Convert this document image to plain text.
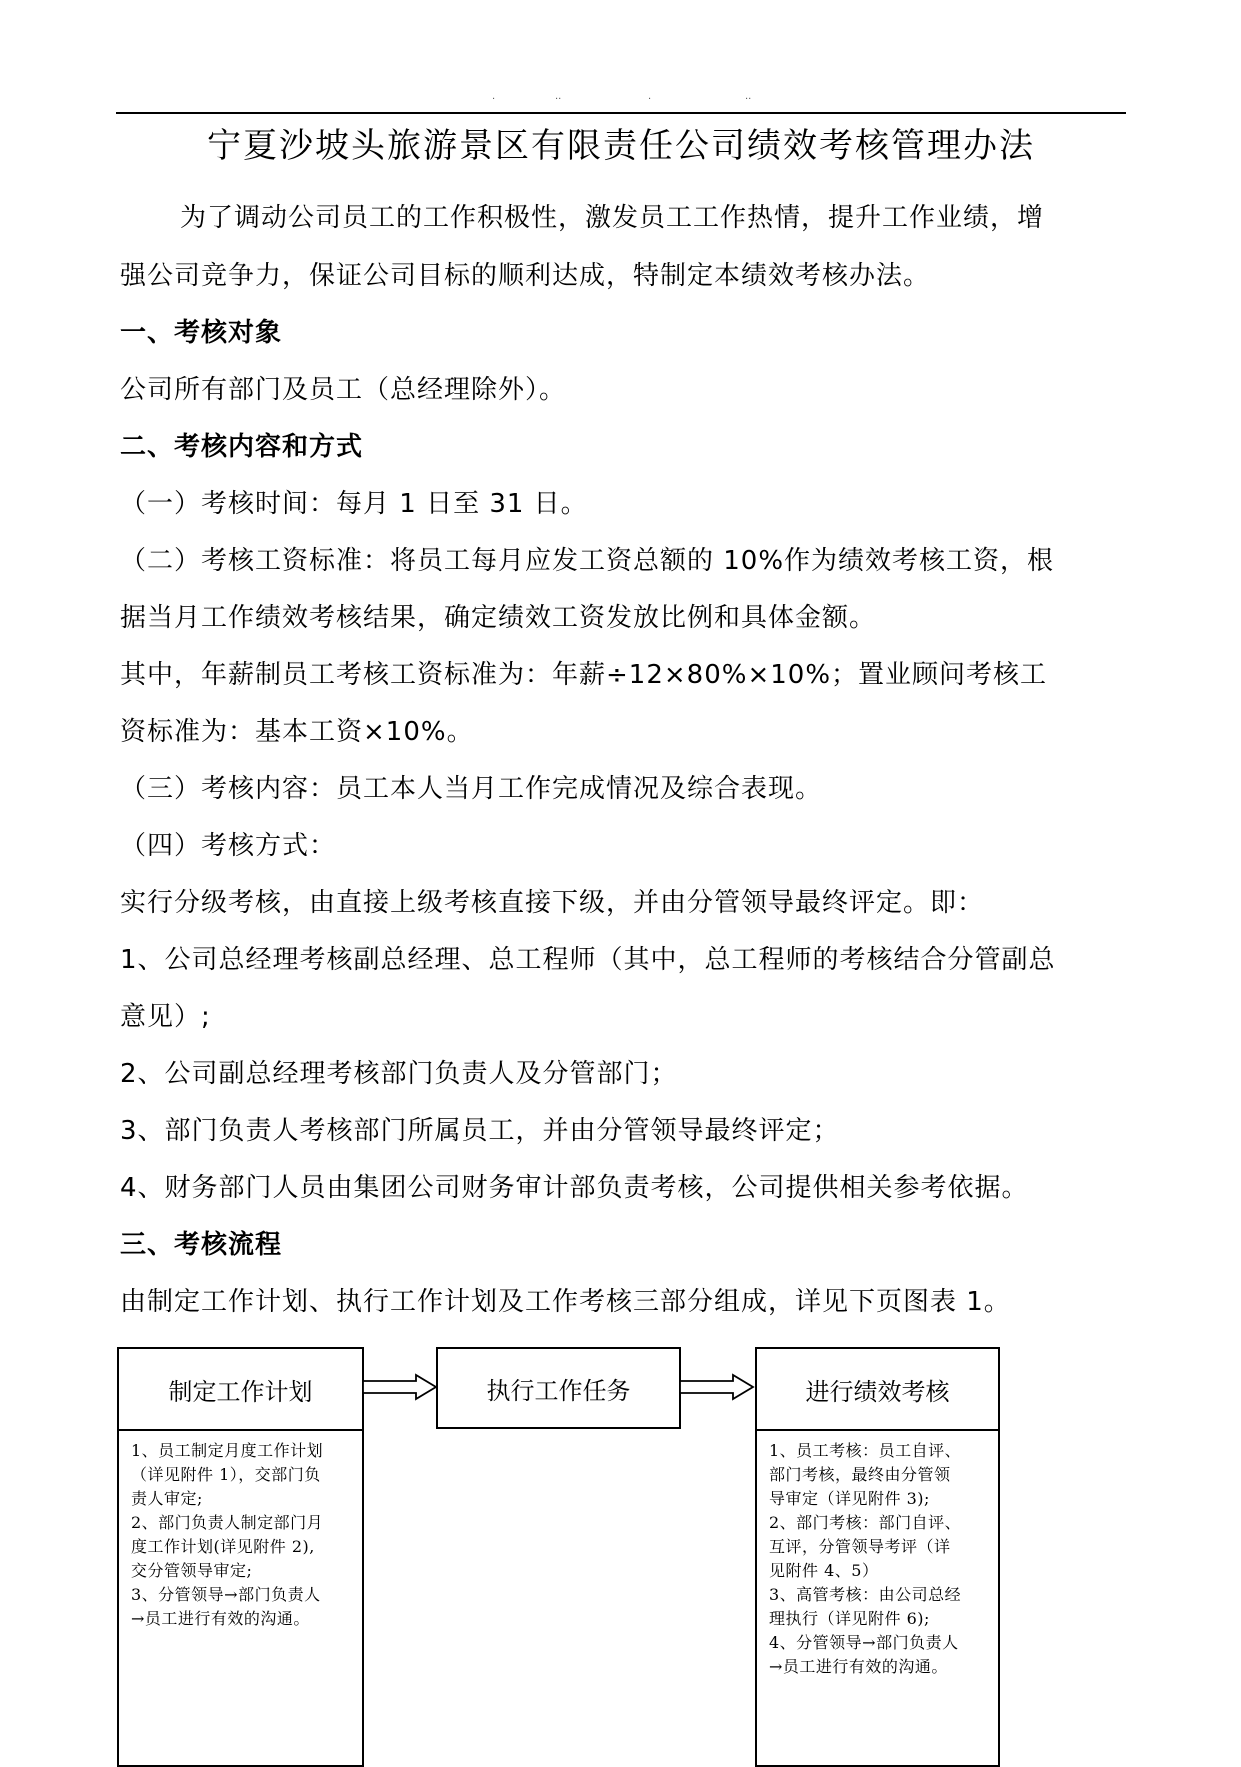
.	..	.	..
宁夏沙坡头旅游景区有限责任公司绩效考核管理办法
为了调动公司员工的工作积极性，激发员工工作热情，提升工作业绩，增
强公司竞争力，保证公司目标的顺利达成，特制定本绩效考核办法。
一、考核对象
公司所有部门及员工（总经理除外）。
二、考核内容和方式
（一）考核时间：每月 1 日至 31 日。
（二）考核工资标准：将员工每月应发工资总额的 10%作为绩效考核工资，根
据当月工作绩效考核结果，确定绩效工资发放比例和具体金额。
其中，年薪制员工考核工资标准为：年薪÷12×80%×10%；置业顾问考核工
资标准为：基本工资×10%。
（三）考核内容：员工本人当月工作完成情况及综合表现。
（四）考核方式：
实行分级考核，由直接上级考核直接下级，并由分管领导最终评定。即：
1、公司总经理考核副总经理、总工程师（其中，总工程师的考核结合分管副总
意见）;
2、公司副总经理考核部门负责人及分管部门；
3、部门负责人考核部门所属员工，并由分管领导最终评定；
4、财务部门人员由集团公司财务审计部负责考核，公司提供相关参考依据。
三、考核流程
由制定工作计划、执行工作计划及工作考核三部分组成，详见下页图表 1。
制定工作计划
1、员工制定月度工作计划
（详见附件 1），交部门负
责人审定;
2、部门负责人制定部门月
度工作计划(详见附件 2),
交分管领导审定;
3、分管领导→部门负责人
→员工进行有效的沟通。
执行工作任务	进行绩效考核
1、员工考核：员工自评、
部门考核，最终由分管领
导审定（详见附件 3);
2、部门考核：部门自评、
互评，分管领导考评（详
见附件 4、5）
3、高管考核：由公司总经
理执行（详见附件 6);
4、分管领导→部门负责人
→员工进行有效的沟通。
